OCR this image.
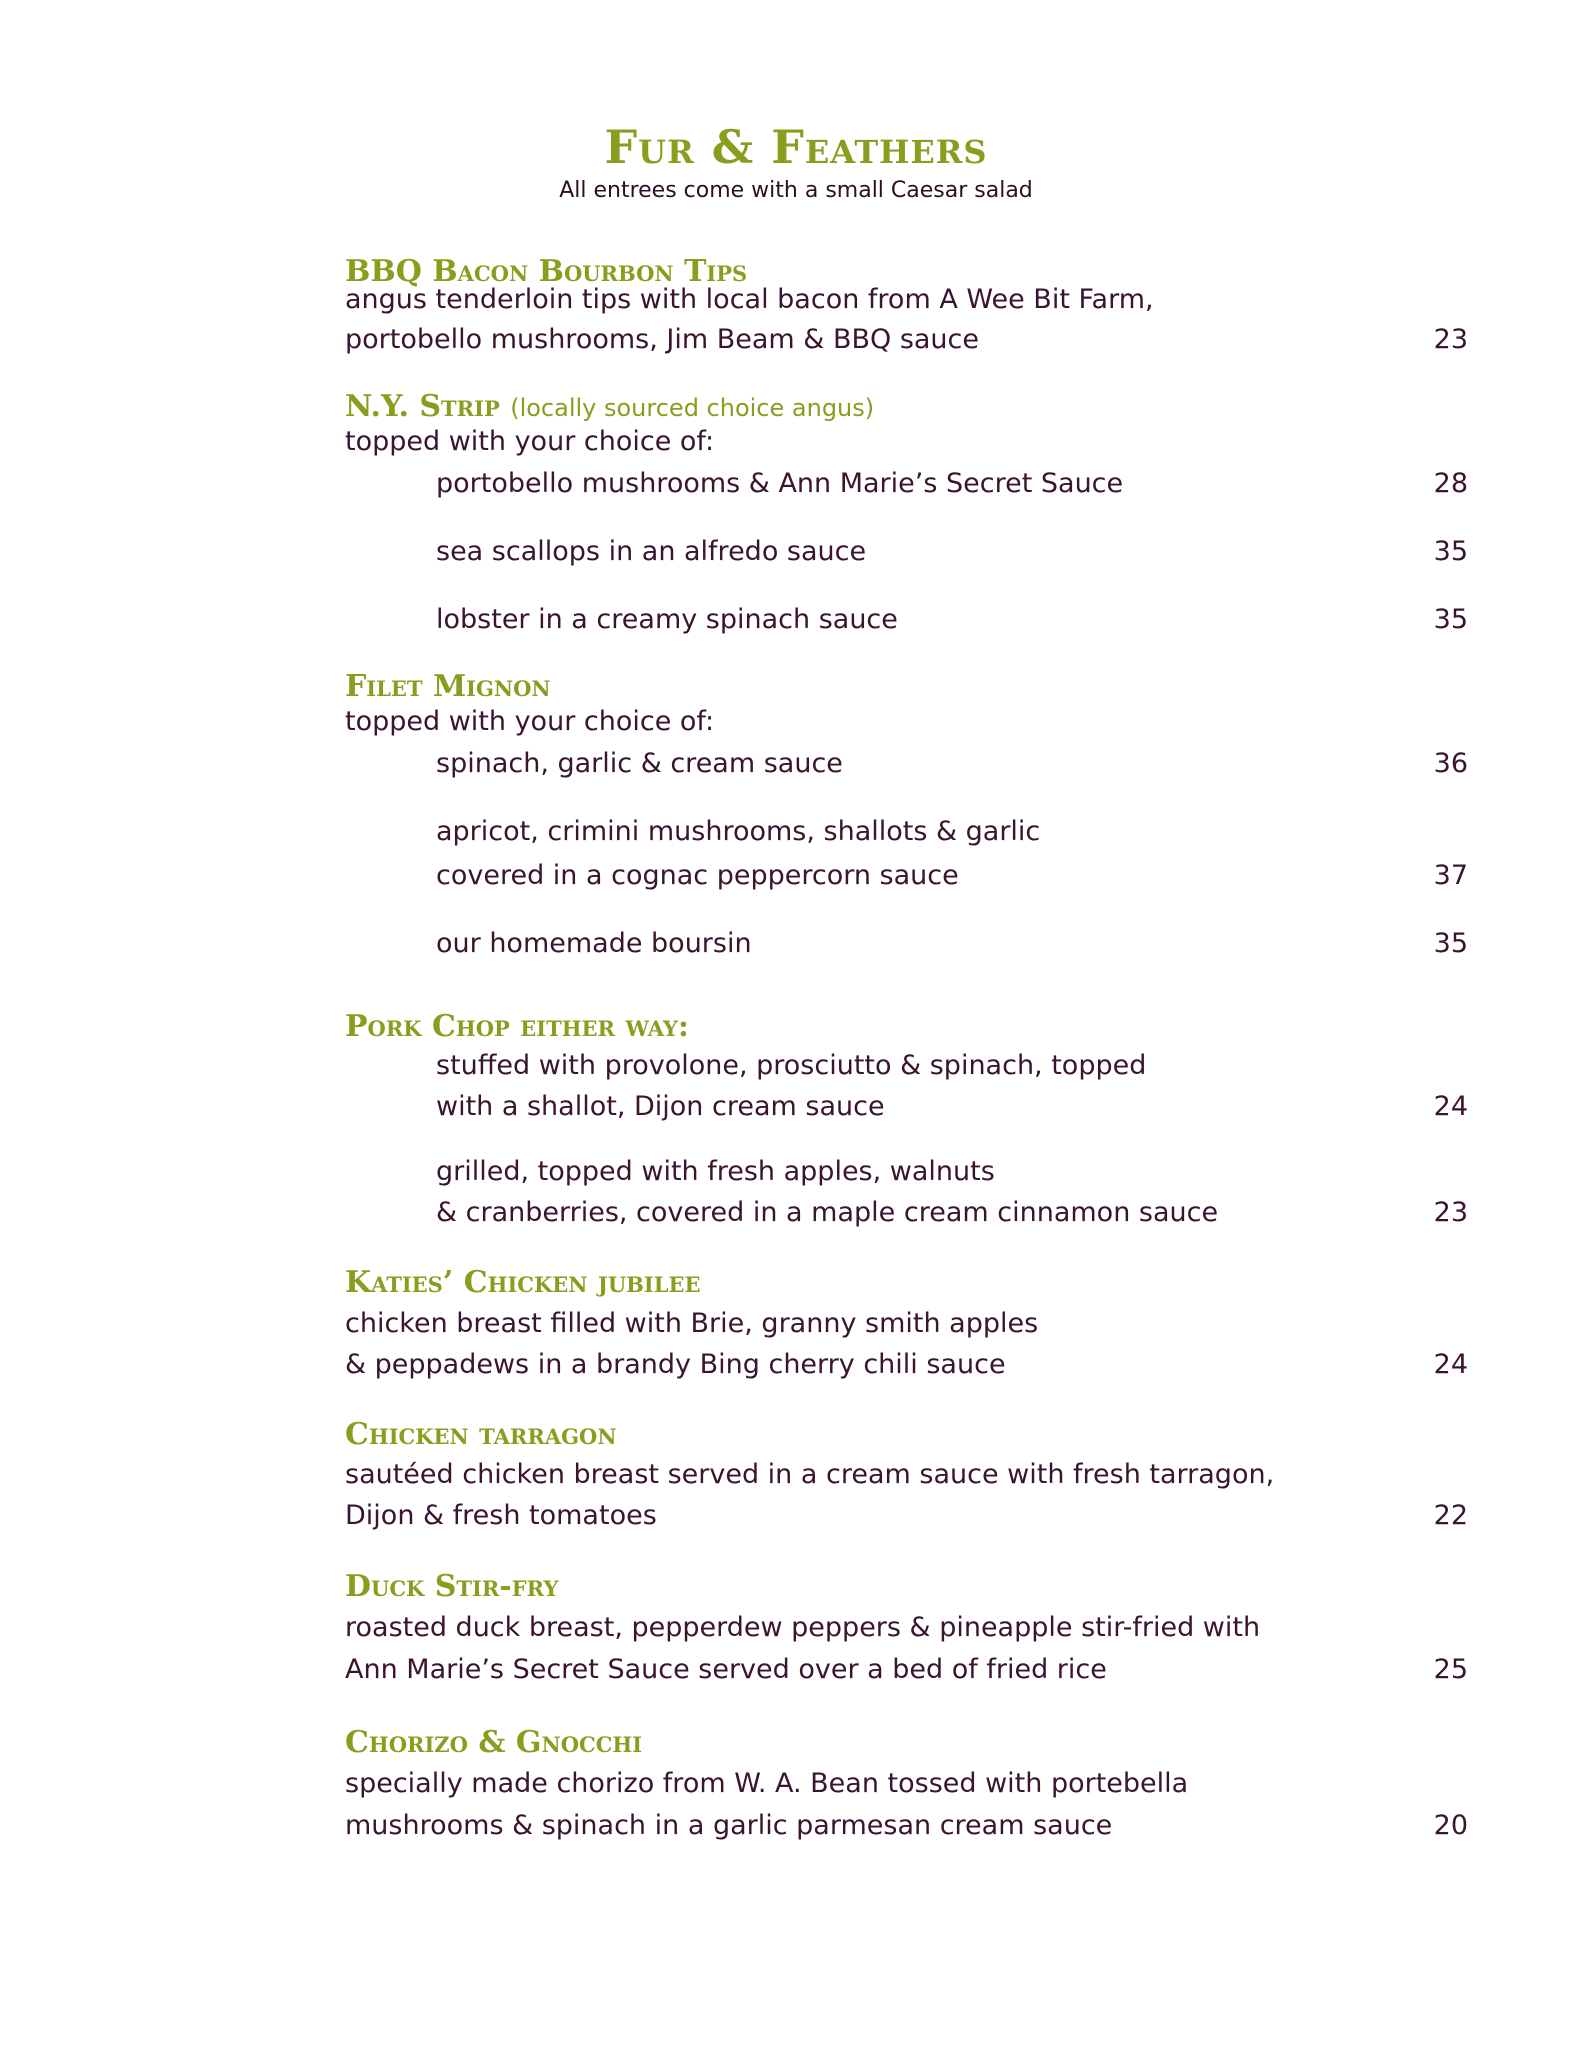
Fur & Feathers
All entrees come with a small Caesar salad
BBQ Bacon Bourbon Tips
angus tenderloin tips with local bacon from A Wee Bit Farm,
portobello mushrooms, Jim Beam & BBQ sauce	23
N.Y. Strip (locally sourced choice angus)
topped with your choice of:
portobello mushrooms & Ann Marie’s Secret Sauce	28
sea scallops in an alfredo sauce	35
lobster in a creamy spinach sauce	35
Filet Mignon
topped with your choice of:
spinach, garlic & cream sauce	36
apricot, crimini mushrooms, shallots & garlic
covered in a cognac peppercorn sauce	37
our homemade boursin	35
Pork Chop either way:
stuffed with provolone, prosciutto & spinach, topped
with a shallot, Dijon cream sauce	24
grilled, topped with fresh apples, walnuts
& cranberries, covered in a maple cream cinnamon sauce	23
Katies’ Chicken jubilee
chicken breast filled with Brie, granny smith apples
& peppadews in a brandy Bing cherry chili sauce	24
Chicken tarragon
sautéed chicken breast served in a cream sauce with fresh tarragon,
Dijon & fresh tomatoes	22
Duck Stir-fry
roasted duck breast, pepperdew peppers & pineapple stir-fried with
Ann Marie’s Secret Sauce served over a bed of fried rice	25
Chorizo & Gnocchi
specially made chorizo from W. A. Bean tossed with portebella
mushrooms & spinach in a garlic parmesan cream sauce	20
